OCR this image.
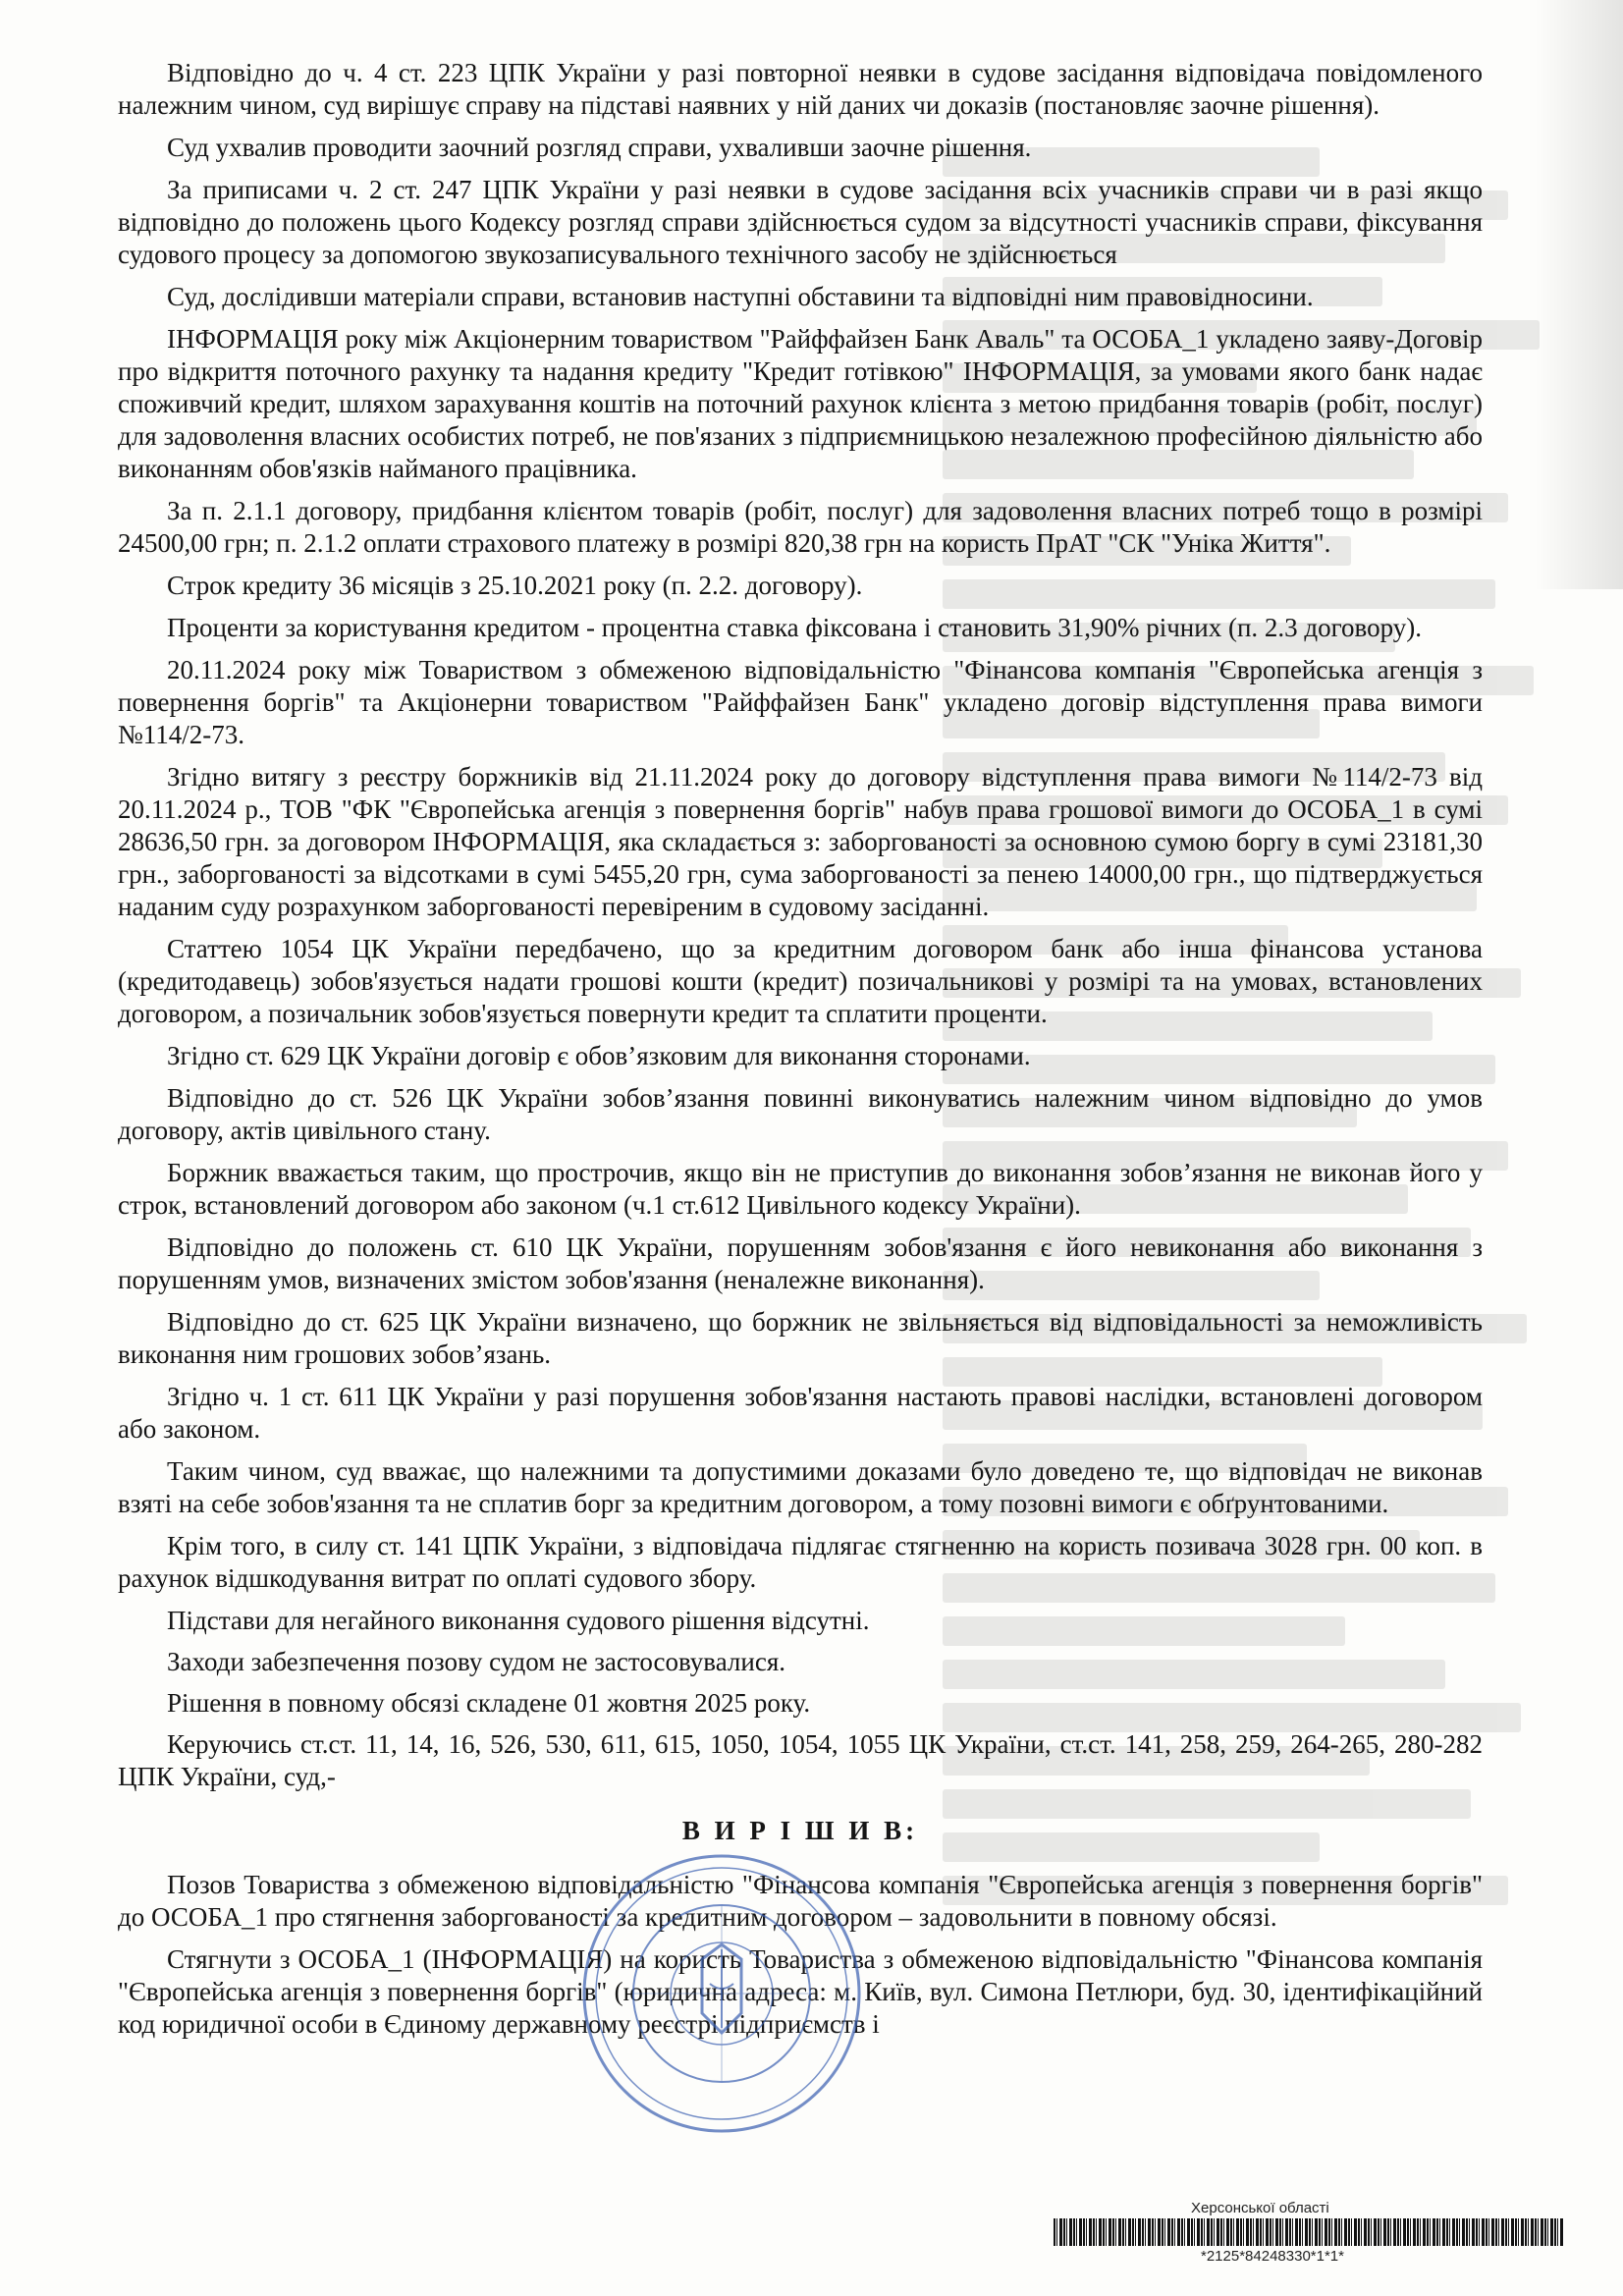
Відповідно до ч. 4 ст. 223 ЦПК України у разі повторної неявки в судове засідання відповідача повідомленого належним чином, суд вирішує справу на підставі наявних у ній даних чи доказів (постановляє заочне рішення).

Суд ухвалив проводити заочний розгляд справи, ухваливши заочне рішення.

За приписами ч. 2 ст. 247 ЦПК України у разі неявки в судове засідання всіх учасників справи чи в разі якщо відповідно до положень цього Кодексу розгляд справи здійснюється судом за відсутності учасників справи, фіксування судового процесу за допомогою звукозаписувального технічного засобу не здійснюється

Суд, дослідивши матеріали справи, встановив наступні обставини та відповідні ним правовідносини.

ІНФОРМАЦІЯ року між Акціонерним товариством "Райффайзен Банк Аваль" та ОСОБА_1 укладено заяву-Договір про відкриття поточного рахунку та надання кредиту "Кредит готівкою" ІНФОРМАЦІЯ, за умовами якого банк надає споживчий кредит, шляхом зарахування коштів на поточний рахунок клієнта з метою придбання товарів (робіт, послуг) для задоволення власних особистих потреб, не пов'язаних з підприємницькою незалежною професійною діяльністю або виконанням обов'язків найманого працівника.

За п. 2.1.1 договору, придбання клієнтом товарів (робіт, послуг) для задоволення власних потреб тощо в розмірі 24500,00 грн; п. 2.1.2 оплати страхового платежу в розмірі 820,38 грн на користь ПрАТ "СК "Уніка Життя".

Строк кредиту 36 місяців з 25.10.2021 року (п. 2.2. договору).

Проценти за користування кредитом - процентна ставка фіксована і становить 31,90% річних (п. 2.3 договору).

20.11.2024 року між Товариством з обмеженою відповідальністю "Фінансова компанія "Європейська агенція з повернення боргів" та Акціонерни товариством "Райффайзен Банк" укладено договір відступлення права вимоги №114/2-73.

Згідно витягу з реєстру боржників від 21.11.2024 року до договору відступлення права вимоги №114/2-73 від 20.11.2024 р., ТОВ "ФК "Європейська агенція з повернення боргів" набув права грошової вимоги до ОСОБА_1 в сумі 28636,50 грн. за договором ІНФОРМАЦІЯ, яка складається з: заборгованості за основною сумою боргу в сумі 23181,30 грн., заборгованості за відсотками в сумі 5455,20 грн, сума заборгованості за пенею 14000,00 грн., що підтверджується наданим суду розрахунком заборгованості перевіреним в судовому засіданні.

Статтею 1054 ЦК України передбачено, що за кредитним договором банк або інша фінансова установа (кредитодавець) зобов'язується надати грошові кошти (кредит) позичальникові у розмірі та на умовах, встановлених договором, а позичальник зобов'язується повернути кредит та сплатити проценти.

Згідно ст. 629 ЦК України договір є обов’язковим для виконання сторонами.

Відповідно до ст. 526 ЦК України зобов’язання повинні виконуватись належним чином відповідно до умов договору, актів цивільного стану.

Боржник вважається таким, що прострочив, якщо він не приступив до виконання зобов’язання не виконав його у строк, встановлений договором або законом (ч.1 ст.612 Цивільного кодексу України).

Відповідно до положень ст. 610 ЦК України, порушенням зобов'язання є його невиконання або виконання з порушенням умов, визначених змістом зобов'язання (неналежне виконання).

Відповідно до ст. 625 ЦК України визначено, що боржник не звільняється від відповідальності за неможливість виконання ним грошових зобов’язань.

Згідно ч. 1 ст. 611 ЦК України у разі порушення зобов'язання настають правові наслідки, встановлені договором або законом.

Таким чином, суд вважає, що належними та допустимими доказами було доведено те, що відповідач не виконав взяті на себе зобов'язання та не сплатив борг за кредитним договором, а тому позовні вимоги є обґрунтованими.

Крім того, в силу ст. 141 ЦПК України, з відповідача підлягає стягненню на користь позивача 3028 грн. 00 коп. в рахунок відшкодування витрат по оплаті судового збору.

Підстави для негайного виконання судового рішення відсутні.

Заходи забезпечення позову судом не застосовувалися.

Рішення в повному обсязі складене 01 жовтня 2025 року.

Керуючись ст.ст. 11, 14, 16, 526, 530, 611, 615, 1050, 1054, 1055 ЦК України, ст.ст. 141, 258, 259, 264-265, 280-282 ЦПК України, суд,-

В И Р І Ш И В:

Позов Товариства з обмеженою відповідальністю "Фінансова компанія "Європейська агенція з повернення боргів" до ОСОБА_1 про стягнення заборгованості за кредитним договором – задовольнити в повному обсязі.

Стягнути з ОСОБА_1 (ІНФОРМАЦІЯ) на користь Товариства з обмеженою відповідальністю "Фінансова компанія "Європейська агенція з повернення боргів" (юридична адреса: м. Київ, вул. Симона Петлюри, буд. 30, ідентифікаційний код юридичної особи в Єдиному державному реєстрі підприємств і

Херсонської області
*2125*84248330*1*1*
